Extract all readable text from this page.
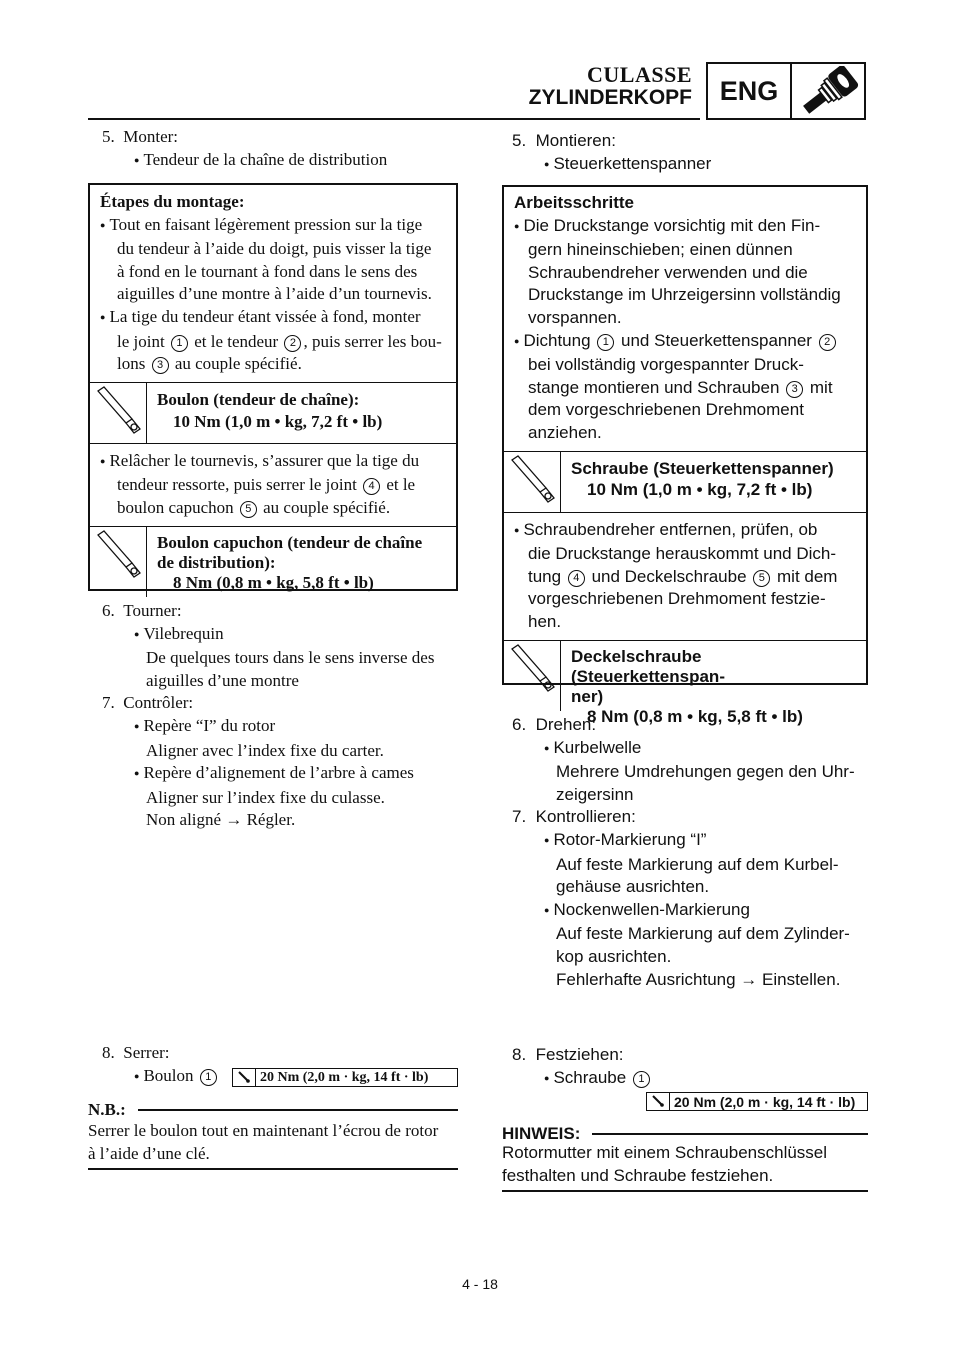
CULASSE
ZYLINDERKOPF	ENG
5.  Monter:
● Tendeur de la chaîne de distribution
Étapes du montage:
● Tout en faisant légèrement pression sur la tige
du tendeur à l’aide du doigt, puis visser la tige
à fond en le tournant à fond dans le sens des
aiguilles d’une montre à l’aide d’un tournevis.
● La tige du tendeur étant vissée à fond, monter
le joint 1 et le tendeur 2 , puis serrer les bou-
lons 3 au couple spécifié.
Boulon (tendeur de chaîne):
10 Nm (1,0 m • kg, 7,2 ft • lb)
● Relâcher le tournevis, s’assurer que la tige du
tendeur ressorte, puis serrer le joint 4 et le
boulon capuchon 5 au couple spécifié.
Boulon capuchon (tendeur de chaîne
de distribution):
8 Nm (0,8 m • kg, 5,8 ft • lb)
6.  Tourner:
● Vilebrequin
De quelques tours dans le sens inverse des
aiguilles d’une montre
7.  Contrôler:
● Repère “I” du rotor
Aligner avec l’index fixe du carter.
● Repère d’alignement de l’arbre à cames
Aligner sur l’index fixe du culasse.
Non aligné → Régler.
8.  Serrer:
● Boulon 1	20 Nm (2,0 m · kg, 14 ft · lb)
N.B.:
Serrer le boulon tout en maintenant l’écrou de rotor
à l’aide d’une clé.
5.  Montieren:
● Steuerkettenspanner
Arbeitsschritte
● Die Druckstange vorsichtig mit den Fin-
gern hineinschieben; einen dünnen
Schraubendreher verwenden und die
Druckstange im Uhrzeigersinn vollständig
vorspannen.
● Dichtung 1 und Steuerkettenspanner 2
bei vollständig vorgespannter Druck-
stange montieren und Schrauben 3 mit
dem vorgeschriebenen Drehmoment
anziehen.
Schraube (Steuerkettenspanner)
10 Nm (1,0 m • kg, 7,2 ft • lb)
● Schraubendreher entfernen, prüfen, ob
die Druckstange herauskommt und Dich-
tung 4 und Deckelschraube 5 mit dem
vorgeschriebenen Drehmoment festzie-
hen.
Deckelschraube (Steuerkettenspan-
ner)
8 Nm (0,8 m • kg, 5,8 ft • lb)
6.  Drehen:
● Kurbelwelle
Mehrere Umdrehungen gegen den Uhr-
zeigersinn
7.  Kontrollieren:
● Rotor-Markierung “I”
Auf feste Markierung auf dem Kurbel-
gehäuse ausrichten.
● Nockenwellen-Markierung
Auf feste Markierung auf dem Zylinder-
kop ausrichten.
Fehlerhafte Ausrichtung → Einstellen.
8.  Festziehen:
● Schraube 1
20 Nm (2,0 m · kg, 14 ft · lb)
HINWEIS:
Rotormutter mit einem Schraubenschlüssel
festhalten und Schraube festziehen.
4 - 18
